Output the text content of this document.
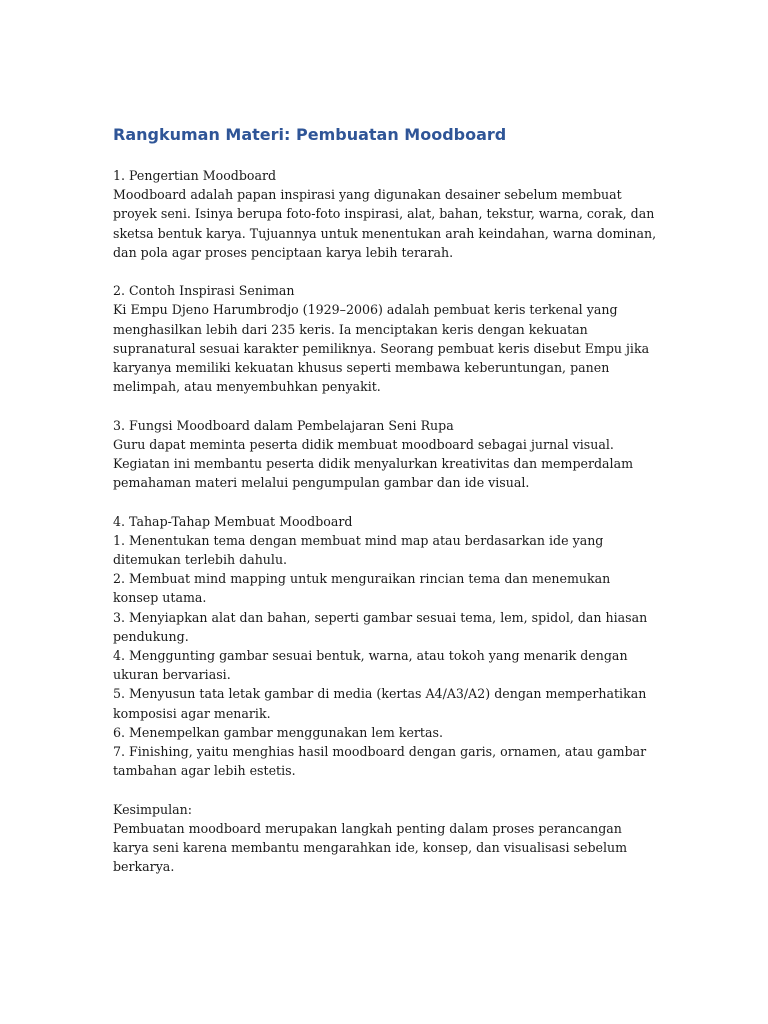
Rangkuman Materi: Pembuatan Moodboard
1. Pengertian Moodboard

Moodboard adalah papan inspirasi yang digunakan desainer sebelum membuat proyek seni. Isinya berupa foto-foto inspirasi, alat, bahan, tekstur, warna, corak, dan sketsa bentuk karya. Tujuannya untuk menentukan arah keindahan, warna dominan, dan pola agar proses penciptaan karya lebih terarah.

2. Contoh Inspirasi Seniman

Ki Empu Djeno Harumbrodjo (1929–2006) adalah pembuat keris terkenal yang menghasilkan lebih dari 235 keris. Ia menciptakan keris dengan kekuatan supranatural sesuai karakter pemiliknya. Seorang pembuat keris disebut Empu jika karyanya memiliki kekuatan khusus seperti membawa keberuntungan, panen melimpah, atau menyembuhkan penyakit.

3. Fungsi Moodboard dalam Pembelajaran Seni Rupa

Guru dapat meminta peserta didik membuat moodboard sebagai jurnal visual. Kegiatan ini membantu peserta didik menyalurkan kreativitas dan memperdalam pemahaman materi melalui pengumpulan gambar dan ide visual.

4. Tahap-Tahap Membuat Moodboard
1. Menentukan tema dengan membuat mind map atau berdasarkan ide yang ditemukan terlebih dahulu.
2. Membuat mind mapping untuk menguraikan rincian tema dan menemukan konsep utama.
3. Menyiapkan alat dan bahan, seperti gambar sesuai tema, lem, spidol, dan hiasan pendukung.
4. Menggunting gambar sesuai bentuk, warna, atau tokoh yang menarik dengan ukuran bervariasi.
5. Menyusun tata letak gambar di media (kertas A4/A3/A2) dengan memperhatikan komposisi agar menarik.
6. Menempelkan gambar menggunakan lem kertas.
7. Finishing, yaitu menghias hasil moodboard dengan garis, ornamen, atau gambar tambahan agar lebih estetis.
Kesimpulan:

Pembuatan moodboard merupakan langkah penting dalam proses perancangan karya seni karena membantu mengarahkan ide, konsep, dan visualisasi sebelum berkarya.
